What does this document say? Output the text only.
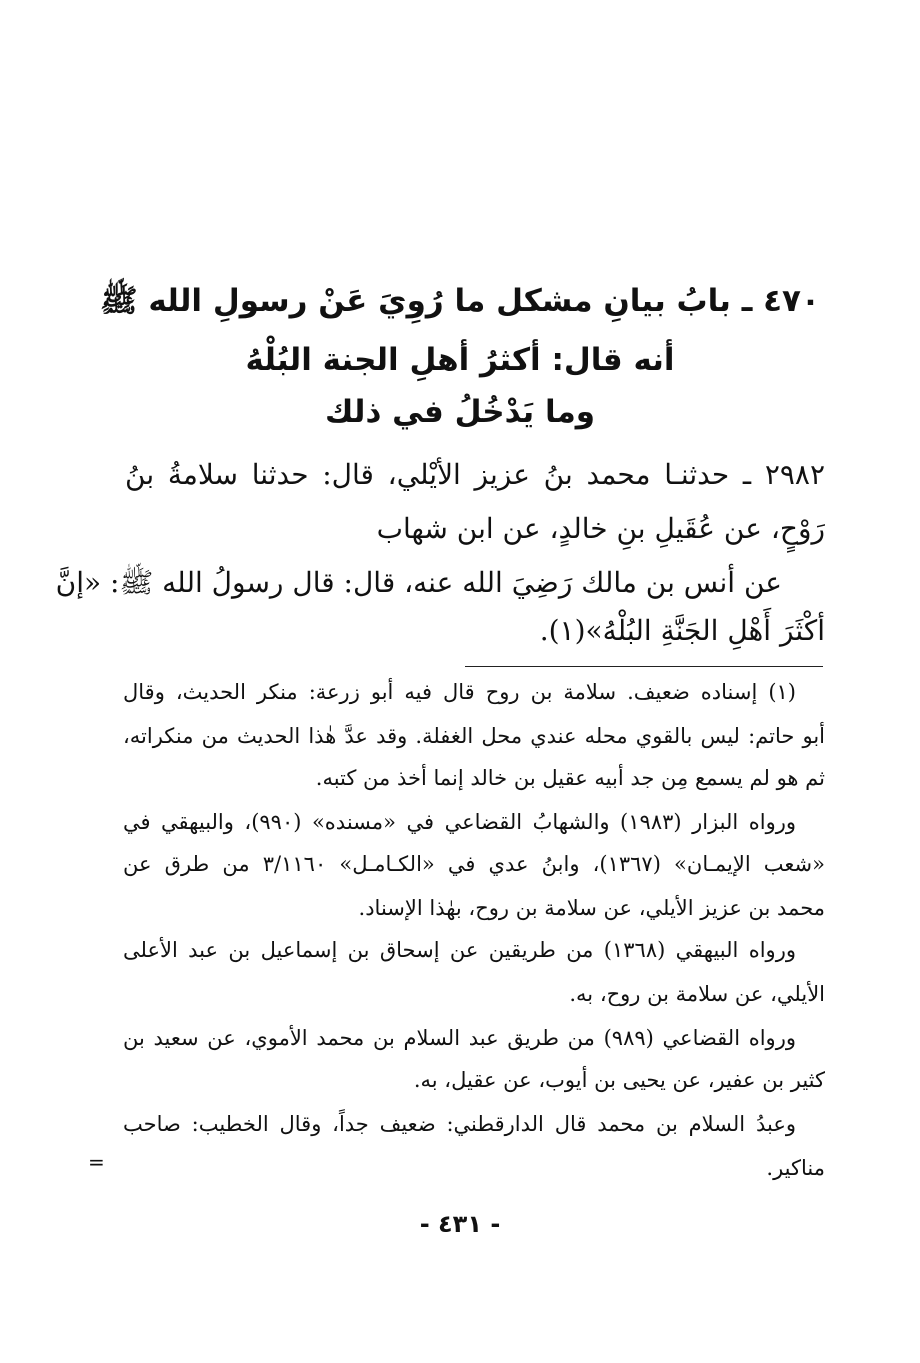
٤٧٠ ـ بابُ بيانِ مشكل ما رُوِيَ عَنْ رسولِ الله ﷺ
أنه قال: أكثرُ أهلِ الجنة البُلْهُ
وما يَدْخُلُ في ذلك
٢٩٨٢ ـ حدثنـا محمد بنُ عزيز الأيْلي، قال: حدثنا سلامةُ بنُ
رَوْحٍ، عن عُقَيلِ بنِ خالدٍ، عن ابن شهاب
عن أنس بن مالك رَضِيَ الله عنه، قال: قال رسولُ الله ﷺ: «إنَّ
أكْثَرَ أَهْلِ الجَنَّةِ البُلْهُ»(١).
(١) إسناده ضعيف. سلامة بن روح قال فيه أبو زرعة: منكر الحديث، وقال
أبو حاتم: ليس بالقوي محله عندي محل الغفلة. وقد عدَّ هٰذا الحديث من منكراته،
ثم هو لم يسمع مِن جد أبيه عقيل بن خالد إنما أخذ من كتبه.
ورواه البزار (١٩٨٣) والشهابُ القضاعي في «مسنده» (٩٩٠)، والبيهقي في
«شعب الإيمـان» (١٣٦٧)، وابنُ عدي في «الكـامـل» ٣/١١٦٠ من طرق عن
محمد بن عزيز الأيلي، عن سلامة بن روح، بهٰذا الإسناد.
ورواه البيهقي (١٣٦٨) من طريقين عن إسحاق بن إسماعيل بن عبد الأعلى
الأيلي، عن سلامة بن روح، به.
ورواه القضاعي (٩٨٩) من طريق عبد السلام بن محمد الأموي، عن سعيد بن
كثير بن عفير، عن يحيى بن أيوب، عن عقيل، به.
وعبدُ السلام بن محمد قال الدارقطني: ضعيف جداً، وقال الخطيب: صاحب
مناكير.
=
- ٤٣١ -
